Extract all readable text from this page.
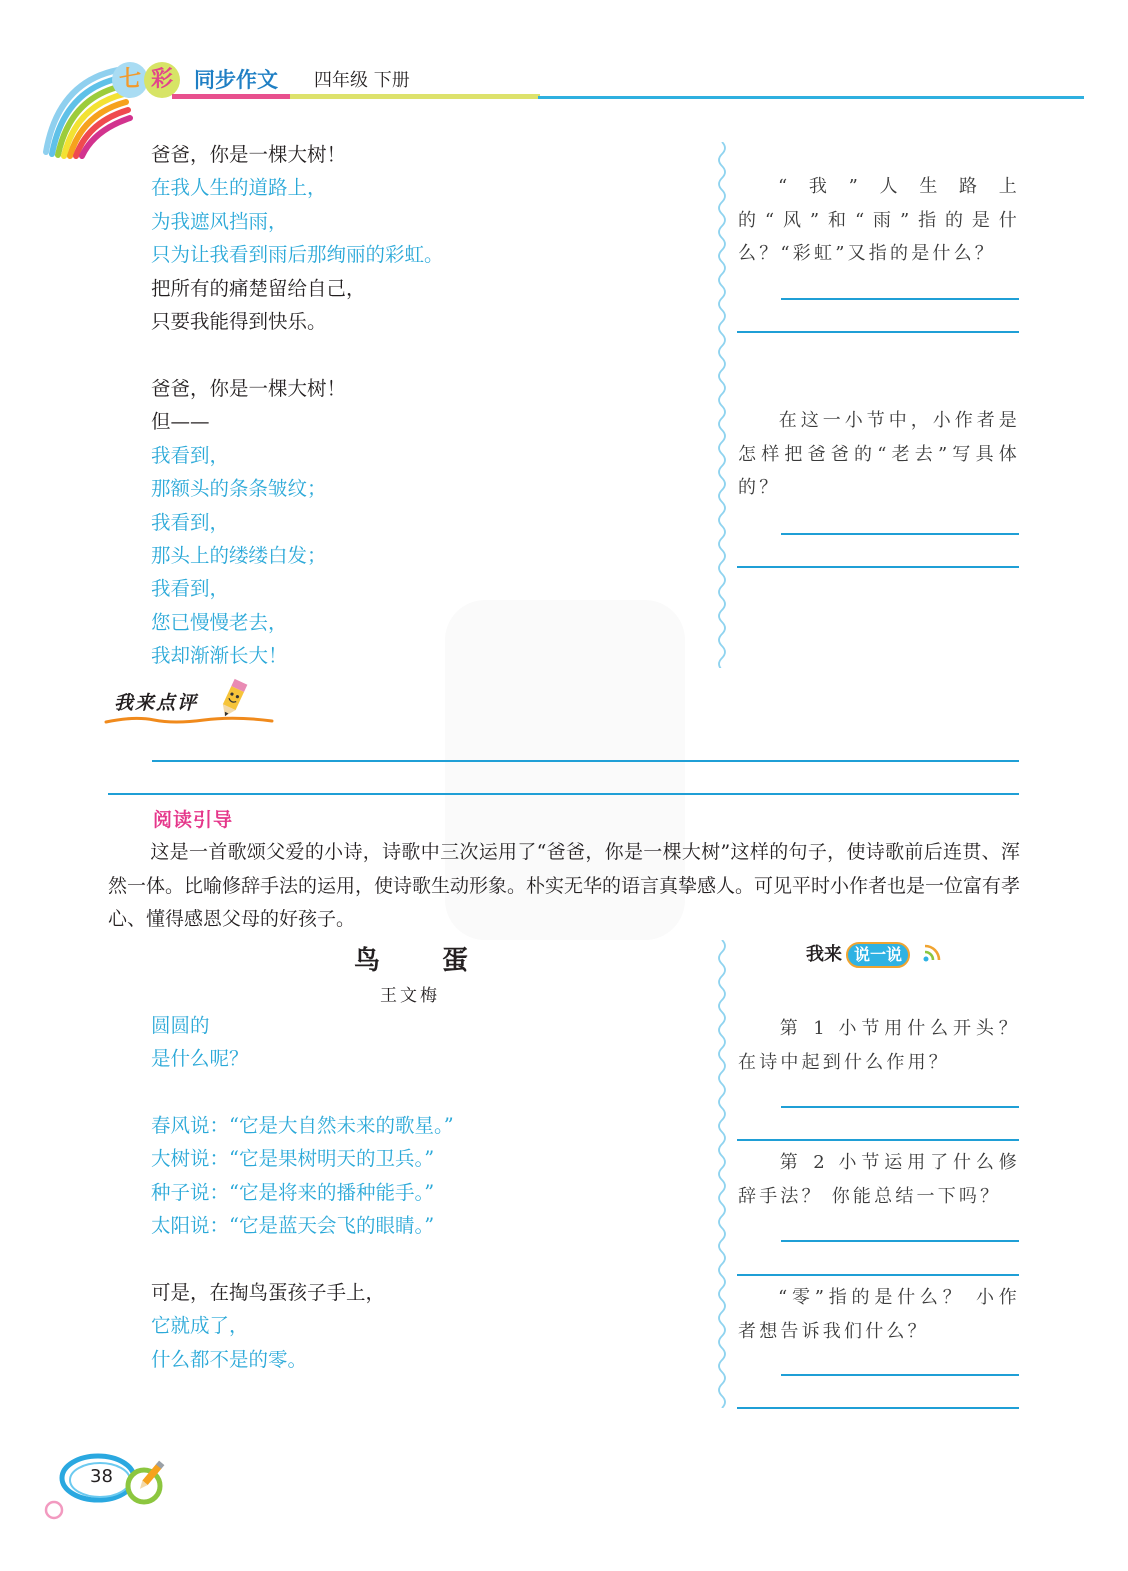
七 彩	同步作文 四年级 下册
爸爸，你是一棵大树！
在我人生的道路上，
为我遮风挡雨，
只为让我看到雨后那绚丽的彩虹。
把所有的痛楚留给自己，
只要我能得到快乐。
爸爸，你是一棵大树！
但——
我看到，
那额头的条条皱纹；
我看到，
那头上的缕缕白发；
我看到，
您已慢慢老去，
我却渐渐长大！
“我”人生路上的“风”和“雨”指的是什么？“彩虹”又指的是什么？
在这一小节中，小作者是怎样把爸爸的“老去”写具体的？
我来点评
阅读引导
这是一首歌颂父爱的小诗，诗歌中三次运用了“爸爸，你是一棵大树”这样的句子，使诗歌前后连贯、浑然一体。比喻修辞手法的运用，使诗歌生动形象。朴实无华的语言真挚感人。可见平时小作者也是一位富有孝心、懂得感恩父母的好孩子。
鸟 蛋
王文梅
圆圆的
是什么呢？
春风说：“它是大自然未来的歌星。”
大树说：“它是果树明天的卫兵。”
种子说：“它是将来的播种能手。”
太阳说：“它是蓝天会飞的眼睛。”
可是，在掏鸟蛋孩子手上，
它就成了，
什么都不是的零。
我来 说一说
第 1 小节用什么开头？ 在诗中起到什么作用？
第 2 小节运用了什么修辞手法？ 你能总结一下吗？
“零”指的是什么？ 小作者想告诉我们什么？
38
